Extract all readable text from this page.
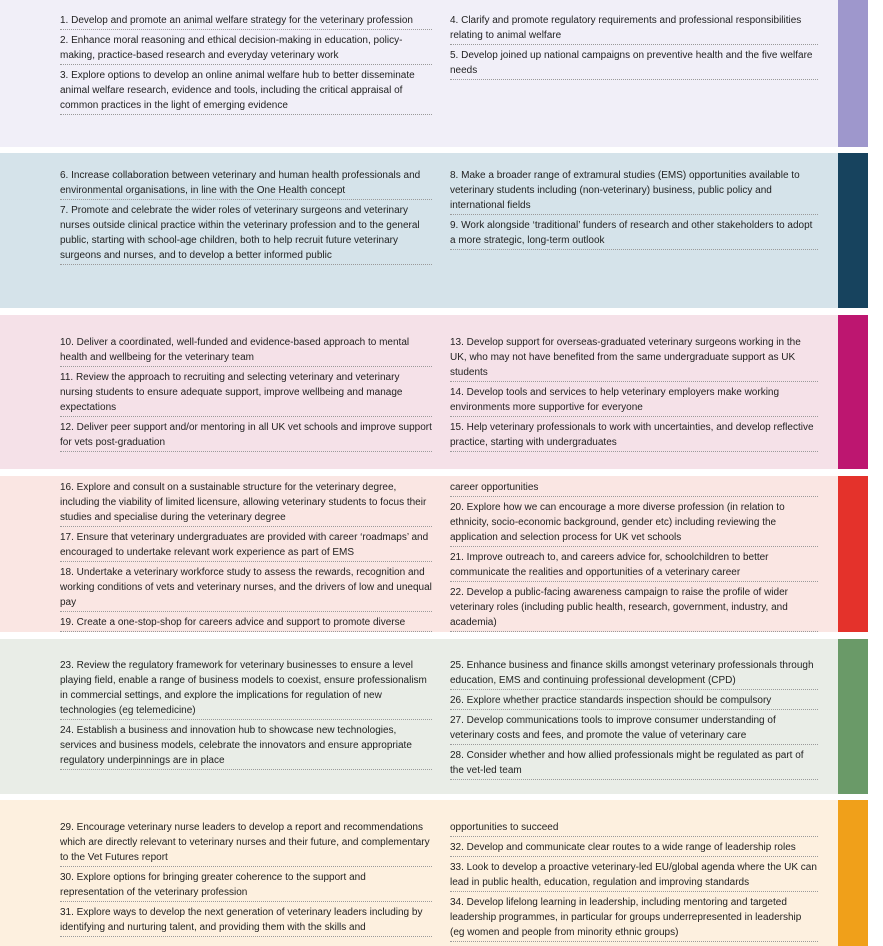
1. Develop and promote an animal welfare strategy for the veterinary profession
2. Enhance moral reasoning and ethical decision-making in education, policy-making, practice-based research and everyday veterinary work
3. Explore options to develop an online animal welfare hub to better disseminate animal welfare research, evidence and tools, including the critical appraisal of common practices in the light of emerging evidence
4. Clarify and promote regulatory requirements and professional responsibilities relating to animal welfare
5. Develop joined up national campaigns on preventive health and the five welfare needs
6. Increase collaboration between veterinary and human health professionals and environmental organisations, in line with the One Health concept
7. Promote and celebrate the wider roles of veterinary surgeons and veterinary nurses outside clinical practice within the veterinary profession and to the general public, starting with school-age children, both to help recruit future veterinary surgeons and nurses, and to develop a better informed public
8. Make a broader range of extramural studies (EMS) opportunities available to veterinary students including (non-veterinary) business, public policy and international fields
9. Work alongside ‘traditional’ funders of research and other stakeholders to adopt a more strategic, long-term outlook
10. Deliver a coordinated, well-funded and evidence-based approach to mental health and wellbeing for the veterinary team
11. Review the approach to recruiting and selecting veterinary and veterinary nursing students to ensure adequate support, improve wellbeing and manage expectations
12. Deliver peer support and/or mentoring in all UK vet schools and improve support for vets post-graduation
13. Develop support for overseas-graduated veterinary surgeons working in the UK, who may not have benefited from the same undergraduate support as UK students
14. Develop tools and services to help veterinary employers make working environments more supportive for everyone
15. Help veterinary professionals to work with uncertainties, and develop reflective practice, starting with undergraduates
16. Explore and consult on a sustainable structure for the veterinary degree, including the viability of limited licensure, allowing veterinary students to focus their studies and specialise during the veterinary degree
17. Ensure that veterinary undergraduates are provided with career ‘roadmaps’ and encouraged to undertake relevant work experience as part of EMS
18. Undertake a veterinary workforce study to assess the rewards, recognition and working conditions of vets and veterinary nurses, and the drivers of low and unequal pay
19. Create a one-stop-shop for careers advice and support to promote diverse
career opportunities
20. Explore how we can encourage a more diverse profession (in relation to ethnicity, socio-economic background, gender etc) including reviewing the application and selection process for UK vet schools
21. Improve outreach to, and careers advice for, schoolchildren to better communicate the realities and opportunities of a veterinary career
22. Develop a public-facing awareness campaign to raise the profile of wider veterinary roles (including public health, research, government, industry, and academia)
23. Review the regulatory framework for veterinary businesses to ensure a level playing field, enable a range of business models to coexist, ensure professionalism in commercial settings, and explore the implications for regulation of new technologies (eg telemedicine)
24. Establish a business and innovation hub to showcase new technologies, services and business models, celebrate the innovators and ensure appropriate regulatory underpinnings are in place
25. Enhance business and finance skills amongst veterinary professionals through education, EMS and continuing professional development (CPD)
26. Explore whether practice standards inspection should be compulsory
27. Develop communications tools to improve consumer understanding of veterinary costs and fees, and promote the value of veterinary care
28. Consider whether and how allied professionals might be regulated as part of the vet-led team
29. Encourage veterinary nurse leaders to develop a report and recommendations which are directly relevant to veterinary nurses and their future, and complementary to the Vet Futures report
30. Explore options for bringing greater coherence to the support and representation of the veterinary profession
31. Explore ways to develop the next generation of veterinary leaders including by identifying and nurturing talent, and providing them with the skills and
opportunities to succeed
32. Develop and communicate clear routes to a wide range of leadership roles
33. Look to develop a proactive veterinary-led EU/global agenda where the UK can lead in public health, education, regulation and improving standards
34. Develop lifelong learning in leadership, including mentoring and targeted leadership programmes, in particular for groups underrepresented in leadership (eg women and people from minority ethnic groups)
